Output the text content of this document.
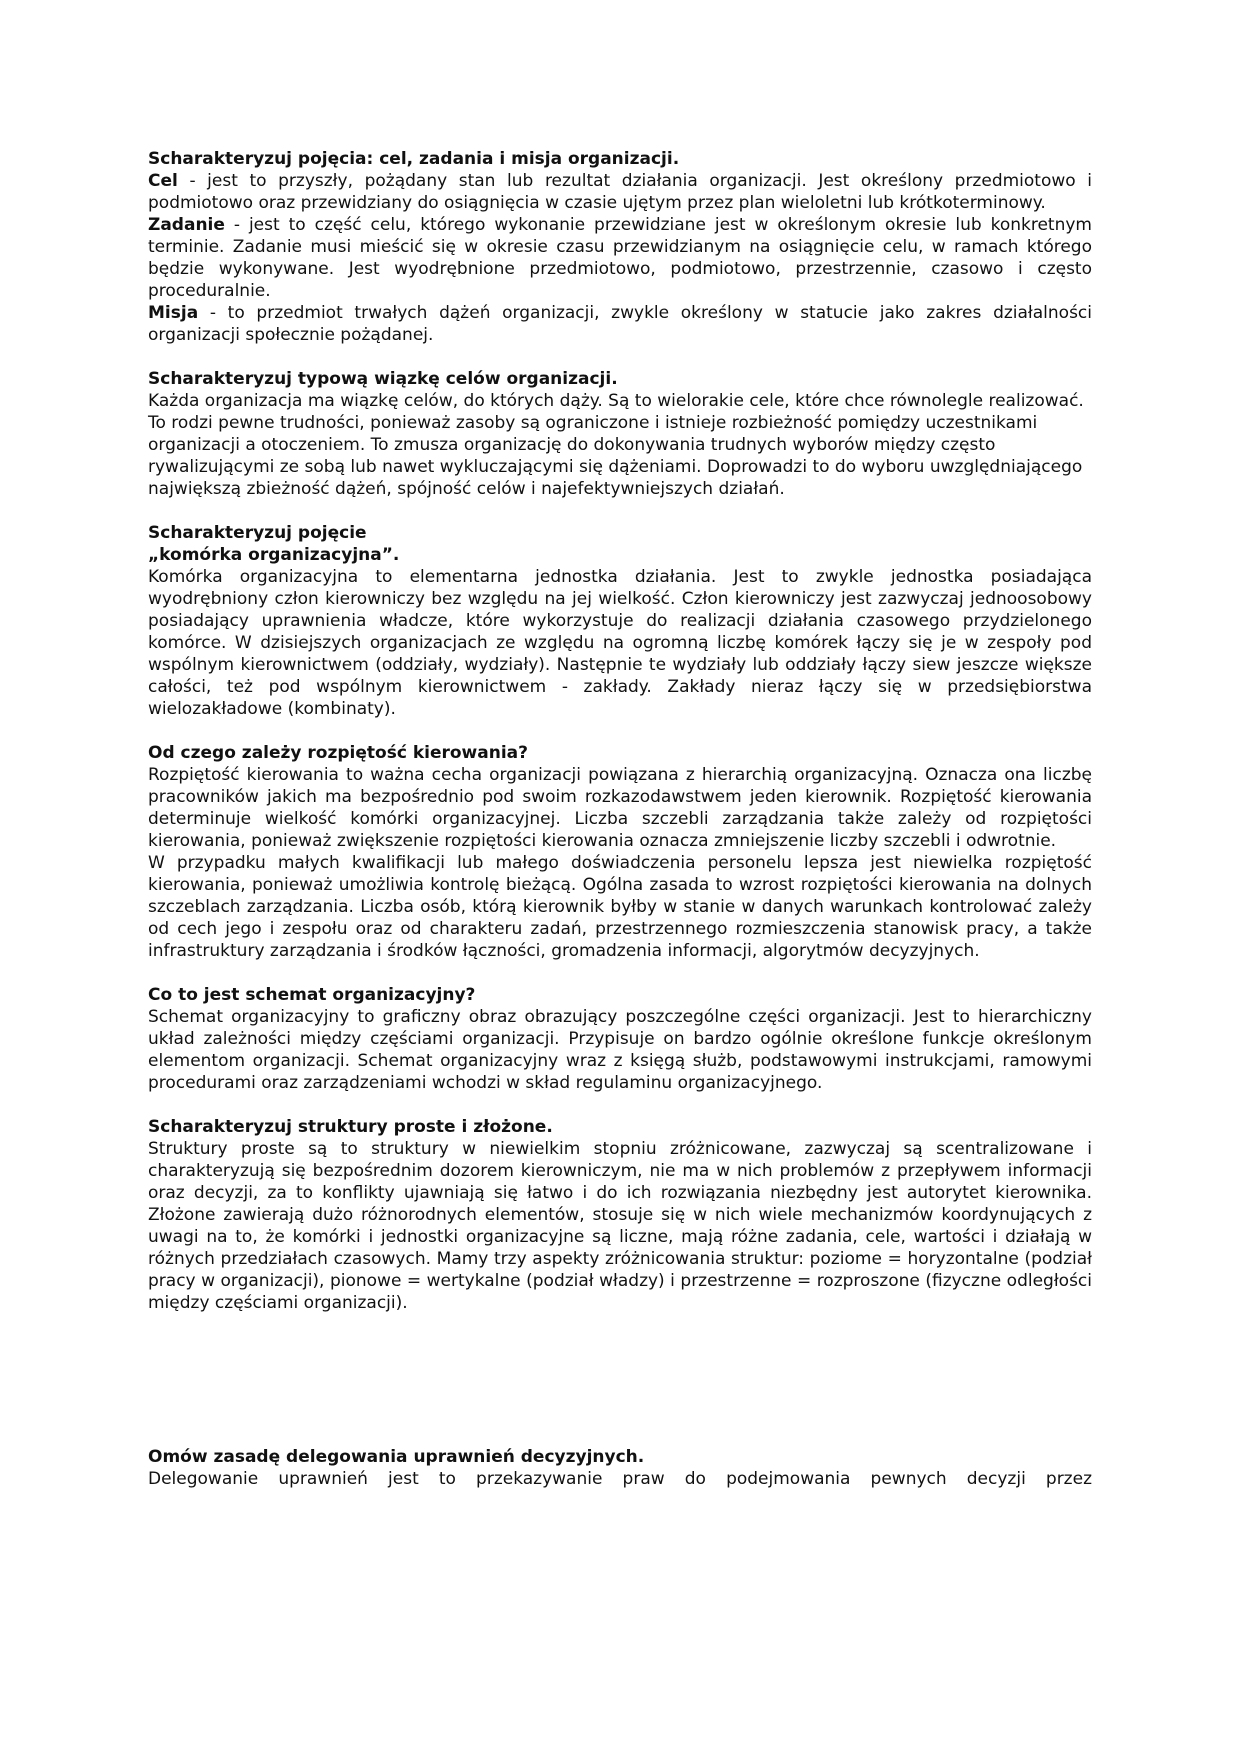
Scharakteryzuj pojęcia: cel, zadania i misja organizacji.

Cel - jest to przyszły, pożądany stan lub rezultat działania organizacji. Jest określony przedmiotowo i podmiotowo oraz przewidziany do osiągnięcia w czasie ujętym przez plan wieloletni lub krótkoterminowy.

Zadanie - jest to część celu, którego wykonanie przewidziane jest w określonym okresie lub konkretnym terminie. Zadanie musi mieścić się w okresie czasu przewidzianym na osiągnięcie celu, w ramach którego będzie wykonywane. Jest wyodrębnione przedmiotowo, podmiotowo, przestrzennie, czasowo i często proceduralnie.

Misja - to przedmiot trwałych dążeń organizacji, zwykle określony w statucie jako zakres działalności organizacji społecznie pożądanej.

Scharakteryzuj typową wiązkę celów organizacji.

Każda organizacja ma wiązkę celów, do których dąży. Są to wielorakie cele, które chce równolegle realizować. To rodzi pewne trudności, ponieważ zasoby są ograniczone i istnieje rozbieżność pomiędzy uczestnikami organizacji a otoczeniem. To zmusza organizację do dokonywania trudnych wyborów między często rywalizującymi ze sobą lub nawet wykluczającymi się dążeniami. Doprowadzi to do wyboru uwzględniającego największą zbieżność dążeń, spójność celów i najefektywniejszych działań.

Scharakteryzuj pojęcie

„komórka organizacyjna”.

Komórka organizacyjna to elementarna jednostka działania. Jest to zwykle jednostka posiadająca wyodrębniony człon kierowniczy bez względu na jej wielkość. Człon kierowniczy jest zazwyczaj jednoosobowy posiadający uprawnienia władcze, które wykorzystuje do realizacji działania czasowego przydzielonego komórce. W dzisiejszych organizacjach ze względu na ogromną liczbę komórek łączy się je w zespoły pod wspólnym kierownictwem (oddziały, wydziały). Następnie te wydziały lub oddziały łączy siew jeszcze większe całości, też pod wspólnym kierownictwem - zakłady. Zakłady nieraz łączy się w przedsiębiorstwa wielozakładowe (kombinaty).

Od czego zależy rozpiętość kierowania?

Rozpiętość kierowania to ważna cecha organizacji powiązana z hierarchią organizacyjną. Oznacza ona liczbę pracowników jakich ma bezpośrednio pod swoim rozkazodawstwem jeden kierownik. Rozpiętość kierowania determinuje wielkość komórki organizacyjnej. Liczba szczebli zarządzania także zależy od rozpiętości kierowania, ponieważ zwiększenie rozpiętości kierowania oznacza zmniejszenie liczby szczebli i odwrotnie.

W przypadku małych kwalifikacji lub małego doświadczenia personelu lepsza jest niewielka rozpiętość kierowania, ponieważ umożliwia kontrolę bieżącą. Ogólna zasada to wzrost rozpiętości kierowania na dolnych szczeblach zarządzania. Liczba osób, którą kierownik byłby w stanie w danych warunkach kontrolować zależy od cech jego i zespołu oraz od charakteru zadań, przestrzennego rozmieszczenia stanowisk pracy, a także infrastruktury zarządzania i środków łączności, gromadzenia informacji, algorytmów decyzyjnych.

Co to jest schemat organizacyjny?

Schemat organizacyjny to graficzny obraz obrazujący poszczególne części organizacji. Jest to hierarchiczny układ zależności między częściami organizacji. Przypisuje on bardzo ogólnie określone funkcje określonym elementom organizacji. Schemat organizacyjny wraz z księgą służb, podstawowymi instrukcjami, ramowymi procedurami oraz zarządzeniami wchodzi w skład regulaminu organizacyjnego.

Scharakteryzuj struktury proste i złożone.

Struktury proste są to struktury w niewielkim stopniu zróżnicowane, zazwyczaj są scentralizowane i charakteryzują się bezpośrednim dozorem kierowniczym, nie ma w nich problemów z przepływem informacji oraz decyzji, za to konflikty ujawniają się łatwo i do ich rozwiązania niezbędny jest autorytet kierownika. Złożone zawierają dużo różnorodnych elementów, stosuje się w nich wiele mechanizmów koordynujących z uwagi na to, że komórki i jednostki organizacyjne są liczne, mają różne zadania, cele, wartości i działają w różnych przedziałach czasowych. Mamy trzy aspekty zróżnicowania struktur: poziome = horyzontalne (podział pracy w organizacji), pionowe = wertykalne (podział władzy) i przestrzenne = rozproszone (fizyczne odległości między częściami organizacji).

Omów zasadę delegowania uprawnień decyzyjnych.

Delegowanie uprawnień jest to przekazywanie praw do podejmowania pewnych decyzji przez
